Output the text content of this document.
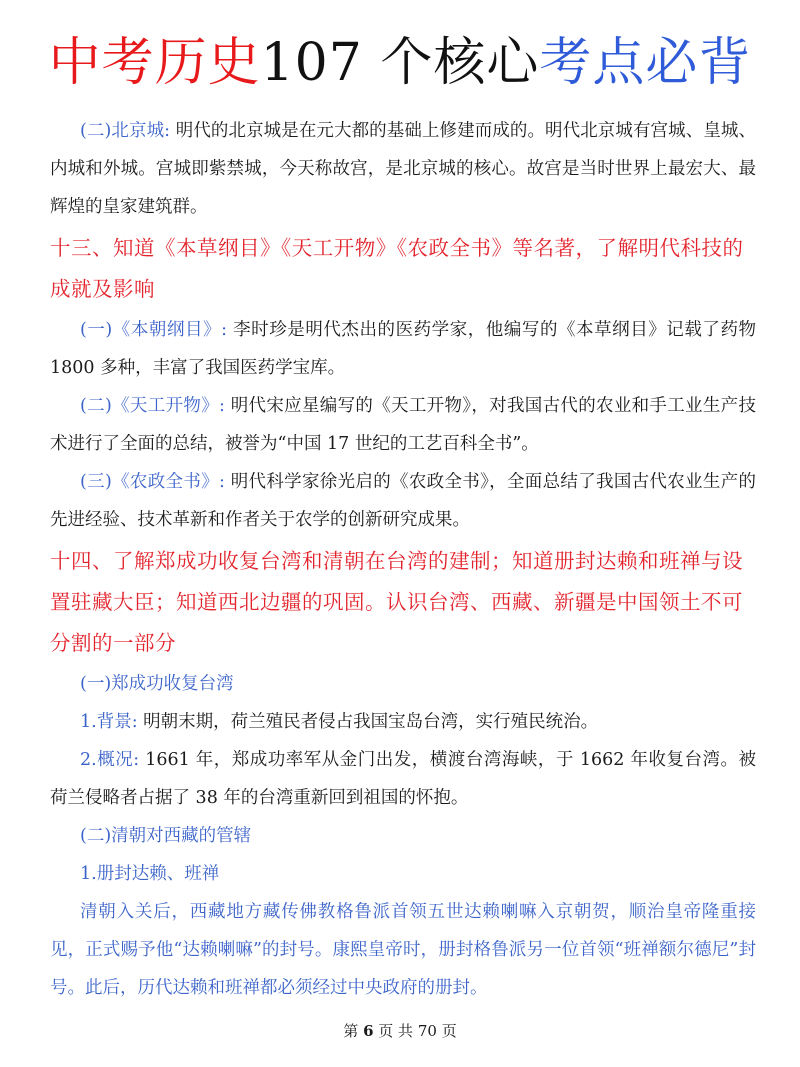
中考历史107 个核心考点必背

(二)北京城: 明代的北京城是在元大都的基础上修建而成的。明代北京城有宫城、皇城、内城和外城。宫城即紫禁城，今天称故宫，是北京城的核心。故宫是当时世界上最宏大、最辉煌的皇家建筑群。

十三、知道《本草纲目》《天工开物》《农政全书》等名著，了解明代科技的成就及影响

(一)《本朝纲目》: 李时珍是明代杰出的医药学家，他编写的《本草纲目》记载了药物 1800 多种，丰富了我国医药学宝库。

(二)《天工开物》: 明代宋应星编写的《天工开物》，对我国古代的农业和手工业生产技术进行了全面的总结，被誉为“中国 17 世纪的工艺百科全书”。

(三)《农政全书》: 明代科学家徐光启的《农政全书》，全面总结了我国古代农业生产的先进经验、技术革新和作者关于农学的创新研究成果。

十四、了解郑成功收复台湾和清朝在台湾的建制；知道册封达赖和班禅与设置驻藏大臣；知道西北边疆的巩固。认识台湾、西藏、新疆是中国领土不可分割的一部分

(一)郑成功收复台湾

1.背景: 明朝末期，荷兰殖民者侵占我国宝岛台湾，实行殖民统治。

2.概况: 1661 年，郑成功率军从金门出发，横渡台湾海峡，于 1662 年收复台湾。被荷兰侵略者占据了 38 年的台湾重新回到祖国的怀抱。

(二)清朝对西藏的管辖

1.册封达赖、班禅

清朝入关后，西藏地方藏传佛教格鲁派首领五世达赖喇嘛入京朝贺，顺治皇帝隆重接见，正式赐予他“达赖喇嘛”的封号。康熙皇帝时，册封格鲁派另一位首领“班禅额尔德尼”封号。此后，历代达赖和班禅都必须经过中央政府的册封。

第 6 页 共 70 页
